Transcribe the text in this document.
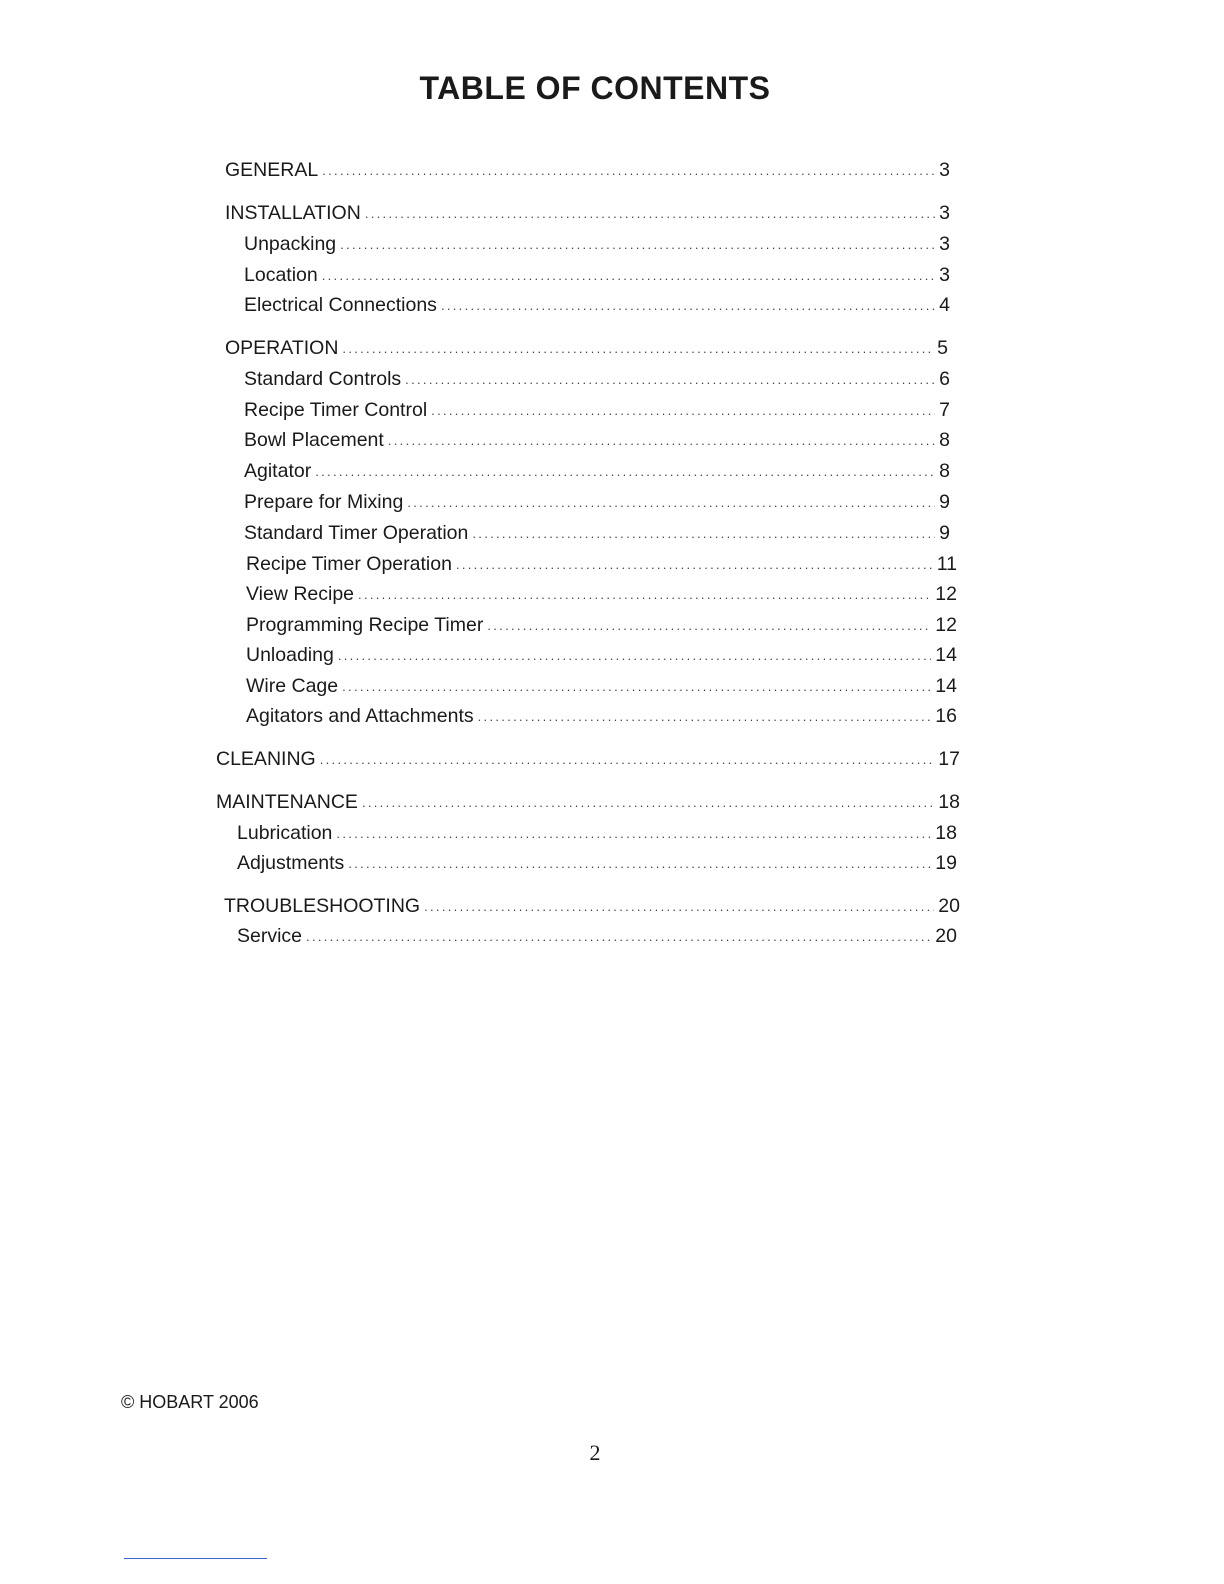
TABLE OF CONTENTS
GENERAL .....	3
INSTALLATION .....	3
Unpacking .....	3
Location .....	3
Electrical Connections .....	4
OPERATION .....	5
Standard Controls .....	6
Recipe Timer Control .....	7
Bowl Placement .....	8
Agitator .....	8
Prepare for Mixing .....	9
Standard Timer Operation .....	9
Recipe Timer Operation .....	11
View Recipe .....	12
Programming Recipe Timer .....	12
Unloading .....	14
Wire Cage .....	14
Agitators and Attachments .....	16
CLEANING .....	17
MAINTENANCE .....	18
Lubrication .....	18
Adjustments .....	19
TROUBLESHOOTING .....	20
Service .....	20

© HOBART 2006

2
